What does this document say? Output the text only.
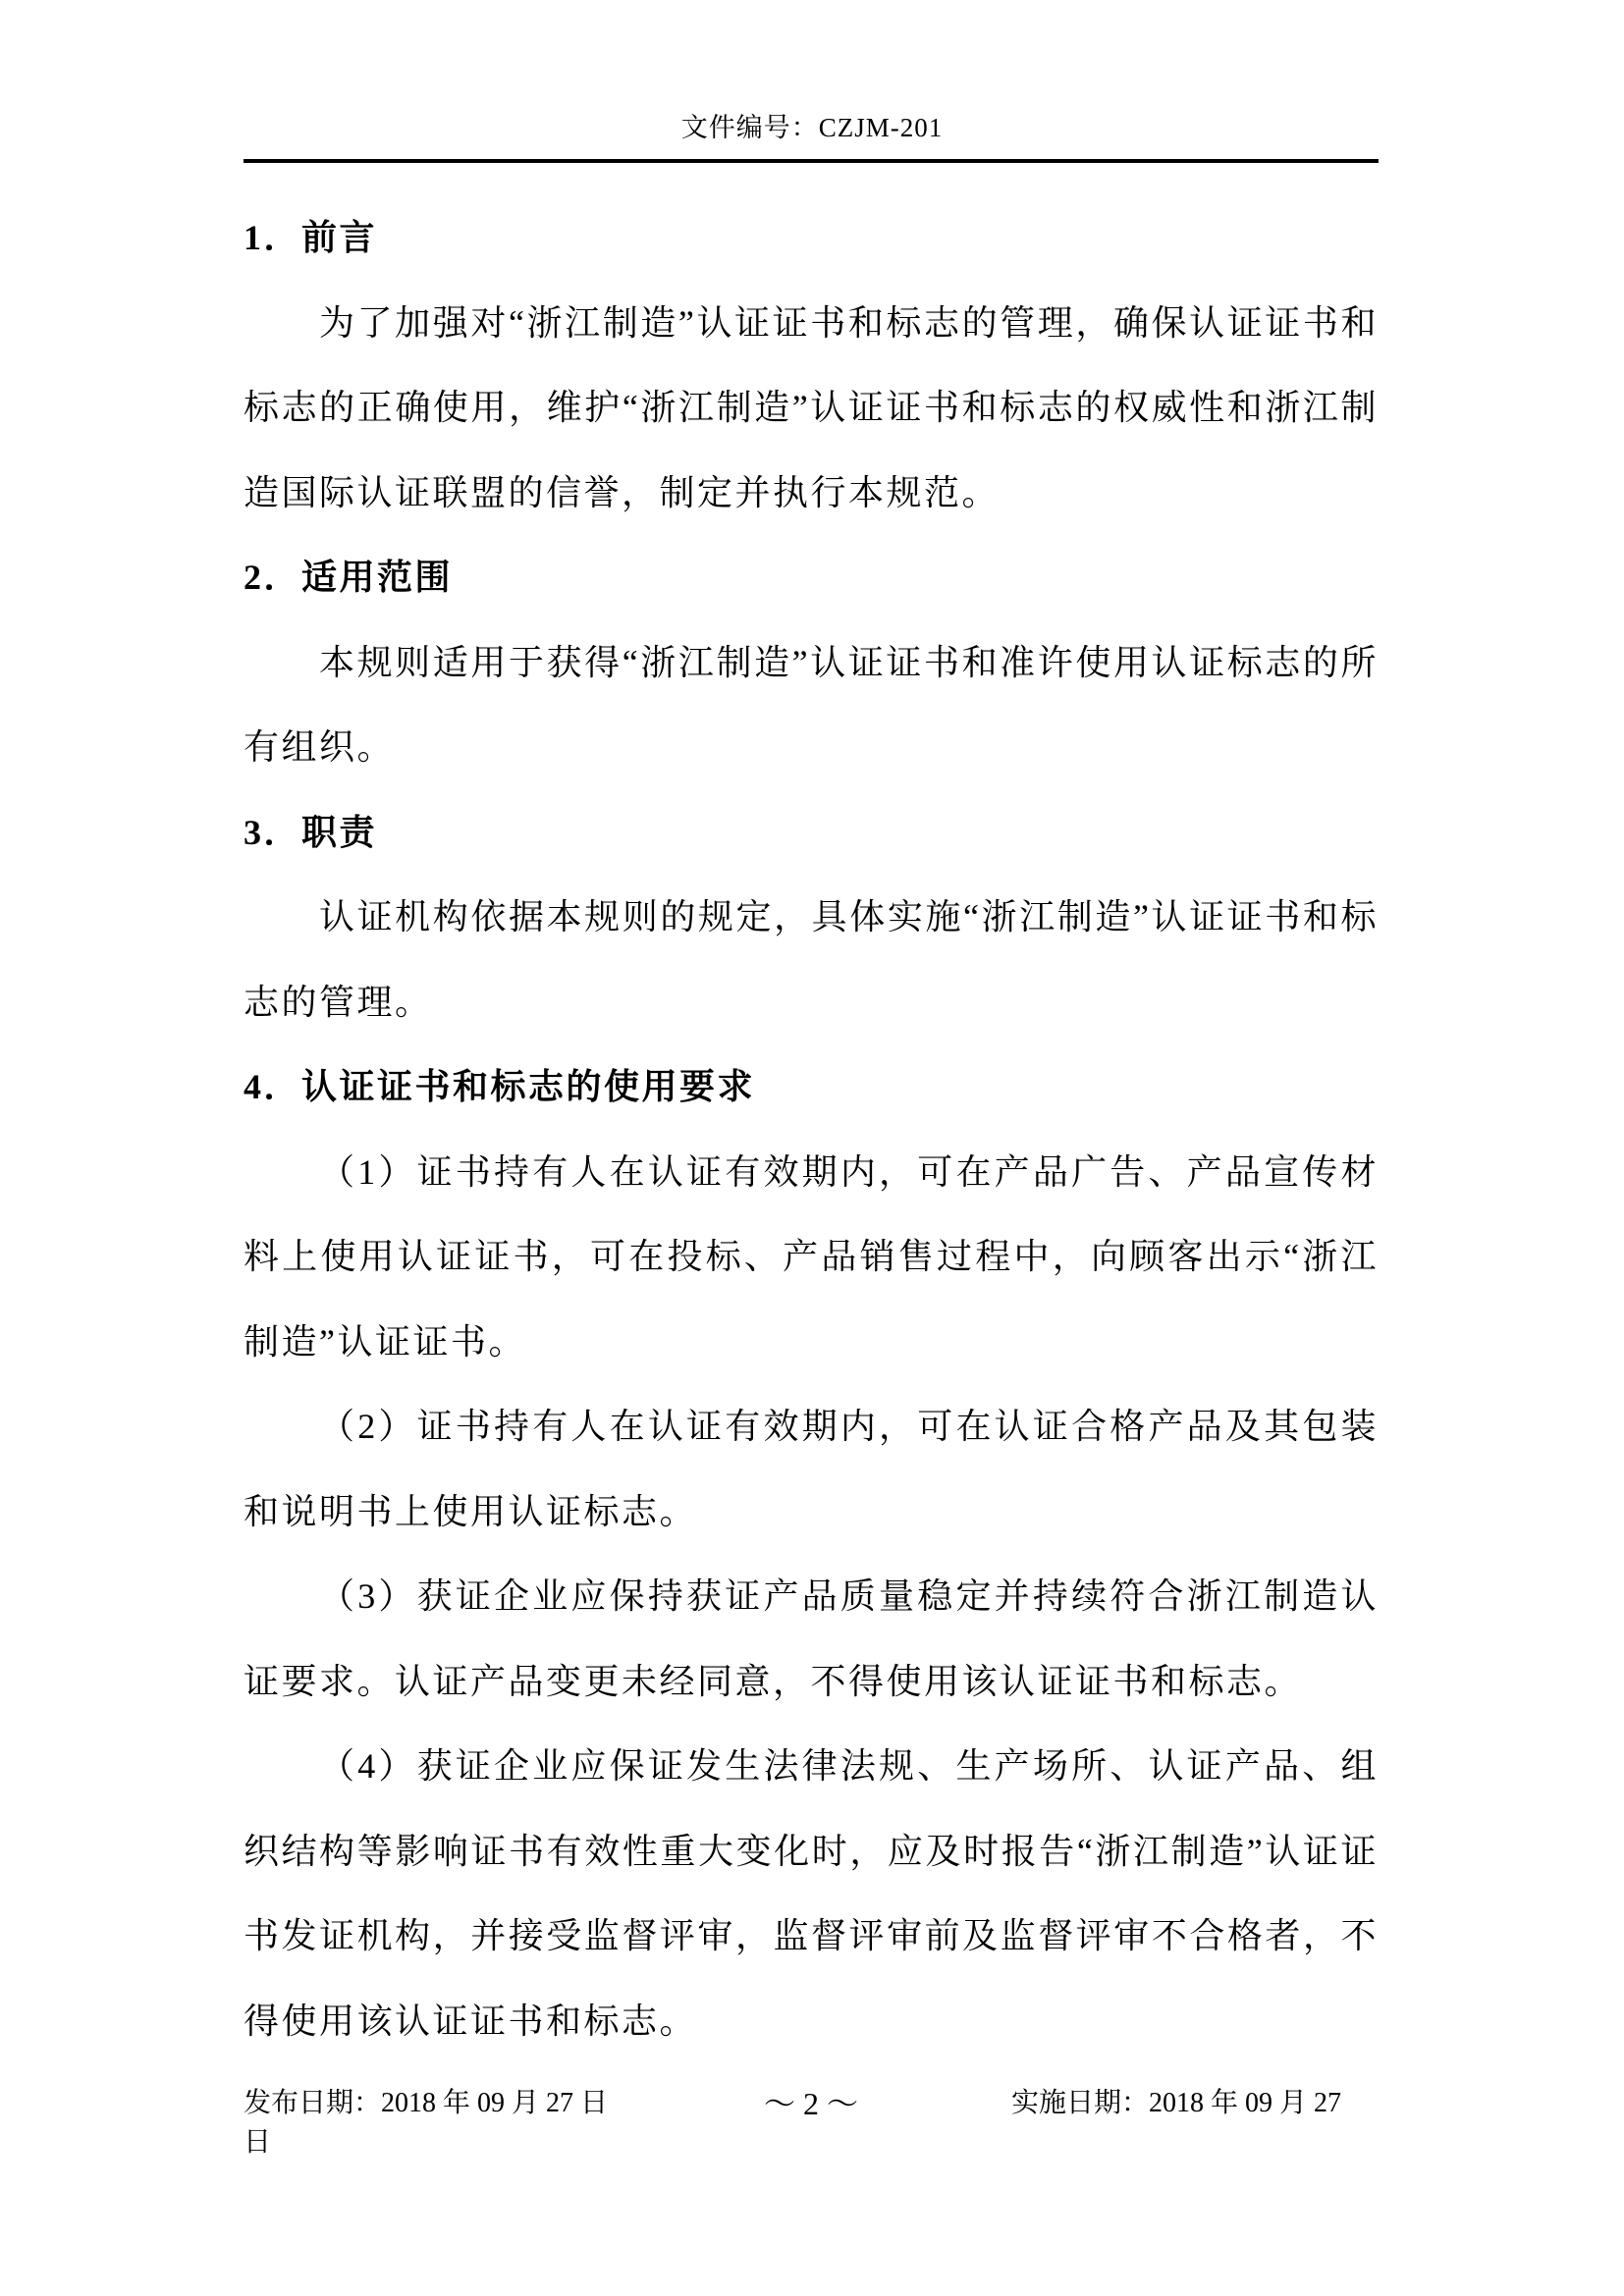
文件编号：CZJM-201
1．前言

为了加强对“浙江制造”认证证书和标志的管理，确保认证证书和标志的正确使用，维护“浙江制造”认证证书和标志的权威性和浙江制造国际认证联盟的信誉，制定并执行本规范。

2．适用范围

本规则适用于获得“浙江制造”认证证书和准许使用认证标志的所有组织。

3．职责

认证机构依据本规则的规定，具体实施“浙江制造”认证证书和标志的管理。

4．认证证书和标志的使用要求

（1）证书持有人在认证有效期内，可在产品广告、产品宣传材料上使用认证证书，可在投标、产品销售过程中，向顾客出示“浙江制造”认证证书。

（2）证书持有人在认证有效期内，可在认证合格产品及其包装和说明书上使用认证标志。

（3）获证企业应保持获证产品质量稳定并持续符合浙江制造认证要求。认证产品变更未经同意，不得使用该认证证书和标志。

（4）获证企业应保证发生法律法规、生产场所、认证产品、组织结构等影响证书有效性重大变化时，应及时报告“浙江制造”认证证书发证机构，并接受监督评审，监督评审前及监督评审不合格者，不得使用该认证证书和标志。

发布日期：2018 年 09 月 27 日	～ 2 ～	实施日期：2018 年 09 月 27
日
